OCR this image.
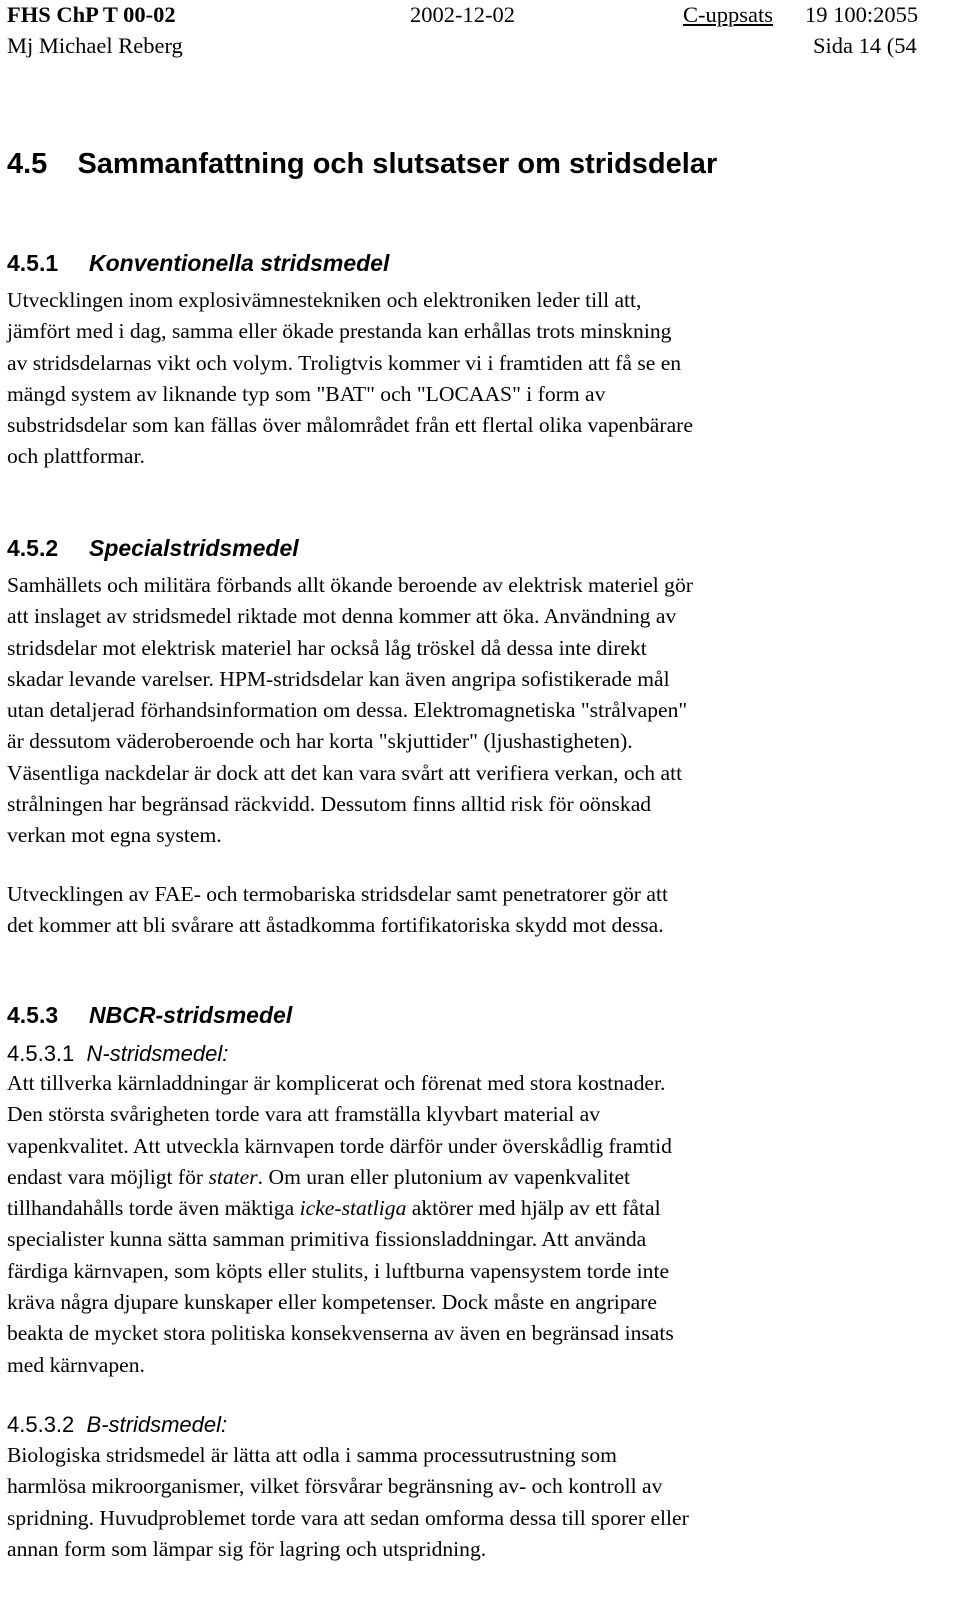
FHS ChP T 00-02	2002-12-02	C-uppsats 19 100:2055
Mj Michael Reberg	Sida 14 (54
4.5 Sammanfattning och slutsatser om stridsdelar
4.5.1 Konventionella stridsmedel
Utvecklingen inom explosivämnestekniken och elektroniken leder till att,
jämfört med i dag, samma eller ökade prestanda kan erhållas trots minskning
av stridsdelarnas vikt och volym. Troligtvis kommer vi i framtiden att få se en
mängd system av liknande typ som "BAT" och "LOCAAS" i form av
substridsdelar som kan fällas över målområdet från ett flertal olika vapenbärare
och plattformar.
4.5.2 Specialstridsmedel
Samhällets och militära förbands allt ökande beroende av elektrisk materiel gör
att inslaget av stridsmedel riktade mot denna kommer att öka. Användning av
stridsdelar mot elektrisk materiel har också låg tröskel då dessa inte direkt
skadar levande varelser. HPM-stridsdelar kan även angripa sofistikerade mål
utan detaljerad förhandsinformation om dessa. Elektromagnetiska "strålvapen"
är dessutom väderoberoende och har korta "skjuttider" (ljushastigheten).
Väsentliga nackdelar är dock att det kan vara svårt att verifiera verkan, och att
strålningen har begränsad räckvidd. Dessutom finns alltid risk för oönskad
verkan mot egna system.
Utvecklingen av FAE- och termobariska stridsdelar samt penetratorer gör att
det kommer att bli svårare att åstadkomma fortifikatoriska skydd mot dessa.
4.5.3 NBCR-stridsmedel
4.5.3.1 N-stridsmedel:
Att tillverka kärnladdningar är komplicerat och förenat med stora kostnader.
Den största svårigheten torde vara att framställa klyvbart material av
vapenkvalitet. Att utveckla kärnvapen torde därför under överskådlig framtid
endast vara möjligt för stater. Om uran eller plutonium av vapenkvalitet
tillhandahålls torde även mäktiga icke-statliga aktörer med hjälp av ett fåtal
specialister kunna sätta samman primitiva fissionsladdningar. Att använda
färdiga kärnvapen, som köpts eller stulits, i luftburna vapensystem torde inte
kräva några djupare kunskaper eller kompetenser. Dock måste en angripare
beakta de mycket stora politiska konsekvenserna av även en begränsad insats
med kärnvapen.
4.5.3.2 B-stridsmedel:
Biologiska stridsmedel är lätta att odla i samma processutrustning som
harmlösa mikroorganismer, vilket försvårar begränsning av- och kontroll av
spridning. Huvudproblemet torde vara att sedan omforma dessa till sporer eller
annan form som lämpar sig för lagring och utspridning.
